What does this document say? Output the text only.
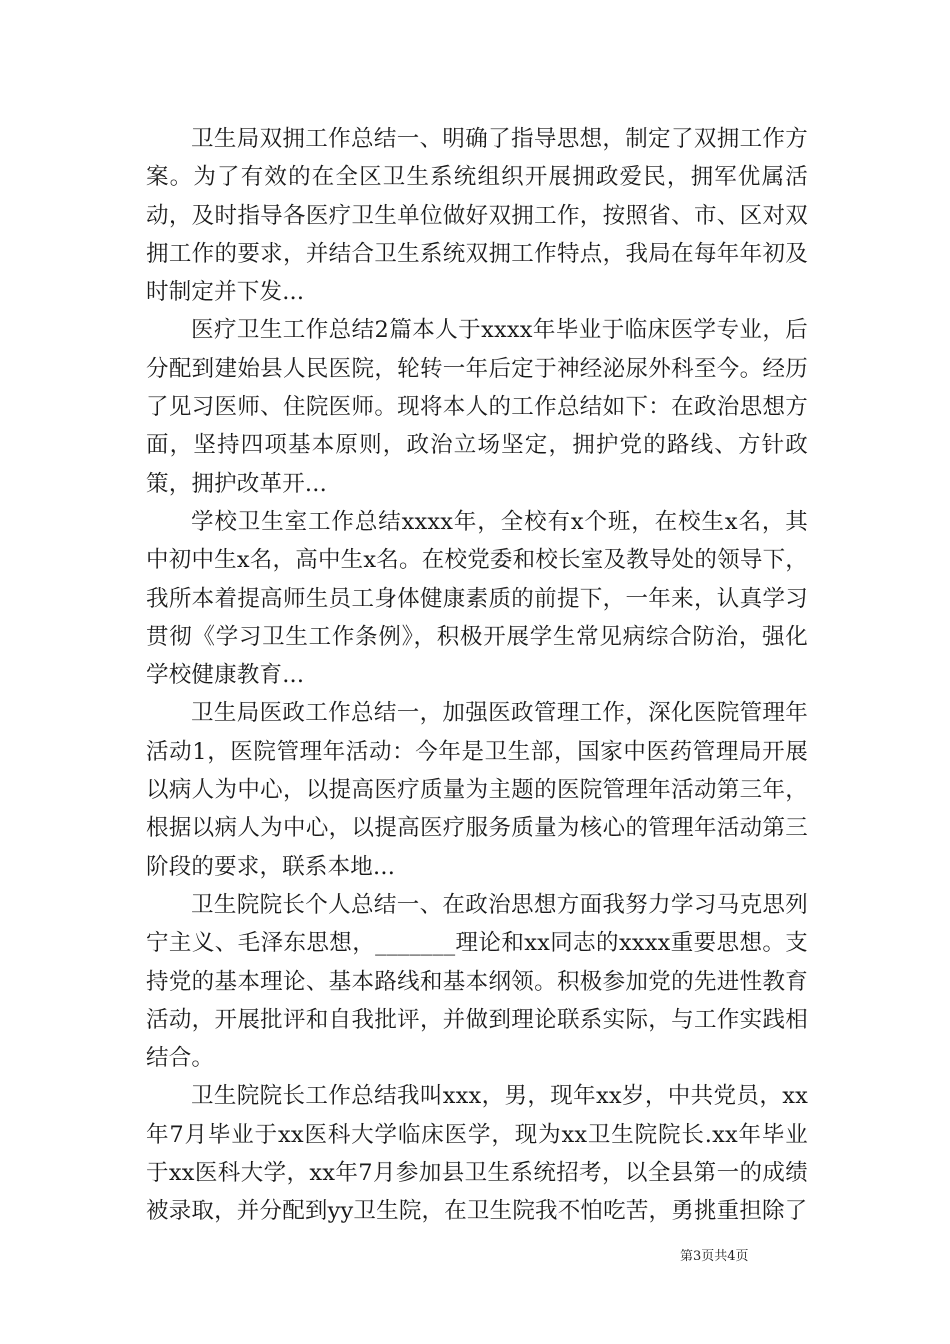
卫生局双拥工作总结一、明确了指导思想，制定了双拥工作方案。为了有效的在全区卫生系统组织开展拥政爱民，拥军优属活动，及时指导各医疗卫生单位做好双拥工作，按照省、市、区对双拥工作的要求，并结合卫生系统双拥工作特点，我局在每年年初及时制定并下发...

医疗卫生工作总结2篇本人于xxxx年毕业于临床医学专业，后分配到建始县人民医院，轮转一年后定于神经泌尿外科至今。经历了见习医师、住院医师。现将本人的工作总结如下：在政治思想方面，坚持四项基本原则，政治立场坚定，拥护党的路线、方针政策，拥护改革开...

学校卫生室工作总结xxxx年，全校有x个班，在校生x名，其中初中生x名，高中生x名。在校党委和校长室及教导处的领导下，我所本着提高师生员工身体健康素质的前提下，一年来，认真学习贯彻《学习卫生工作条例》，积极开展学生常见病综合防治，强化学校健康教育...

卫生局医政工作总结一，加强医政管理工作，深化医院管理年活动1，医院管理年活动：今年是卫生部，国家中医药管理局开展以病人为中心，以提高医疗质量为主题的医院管理年活动第三年，根据以病人为中心，以提高医疗服务质量为核心的管理年活动第三阶段的要求，联系本地...

卫生院院长个人总结一、在政治思想方面我努力学习马克思列宁主义、毛泽东思想，_______理论和xx同志的xxxx重要思想。支持党的基本理论、基本路线和基本纲领。积极参加党的先进性教育活动，开展批评和自我批评，并做到理论联系实际，与工作实践相结合。

卫生院院长工作总结我叫xxx，男，现年xx岁，中共党员，xx年7月毕业于xx医科大学临床医学，现为xx卫生院院长.xx年毕业于xx医科大学，xx年7月参加县卫生系统招考，以全县第一的成绩被录取，并分配到yy卫生院，在卫生院我不怕吃苦，勇挑重担除了

第3页共4页
